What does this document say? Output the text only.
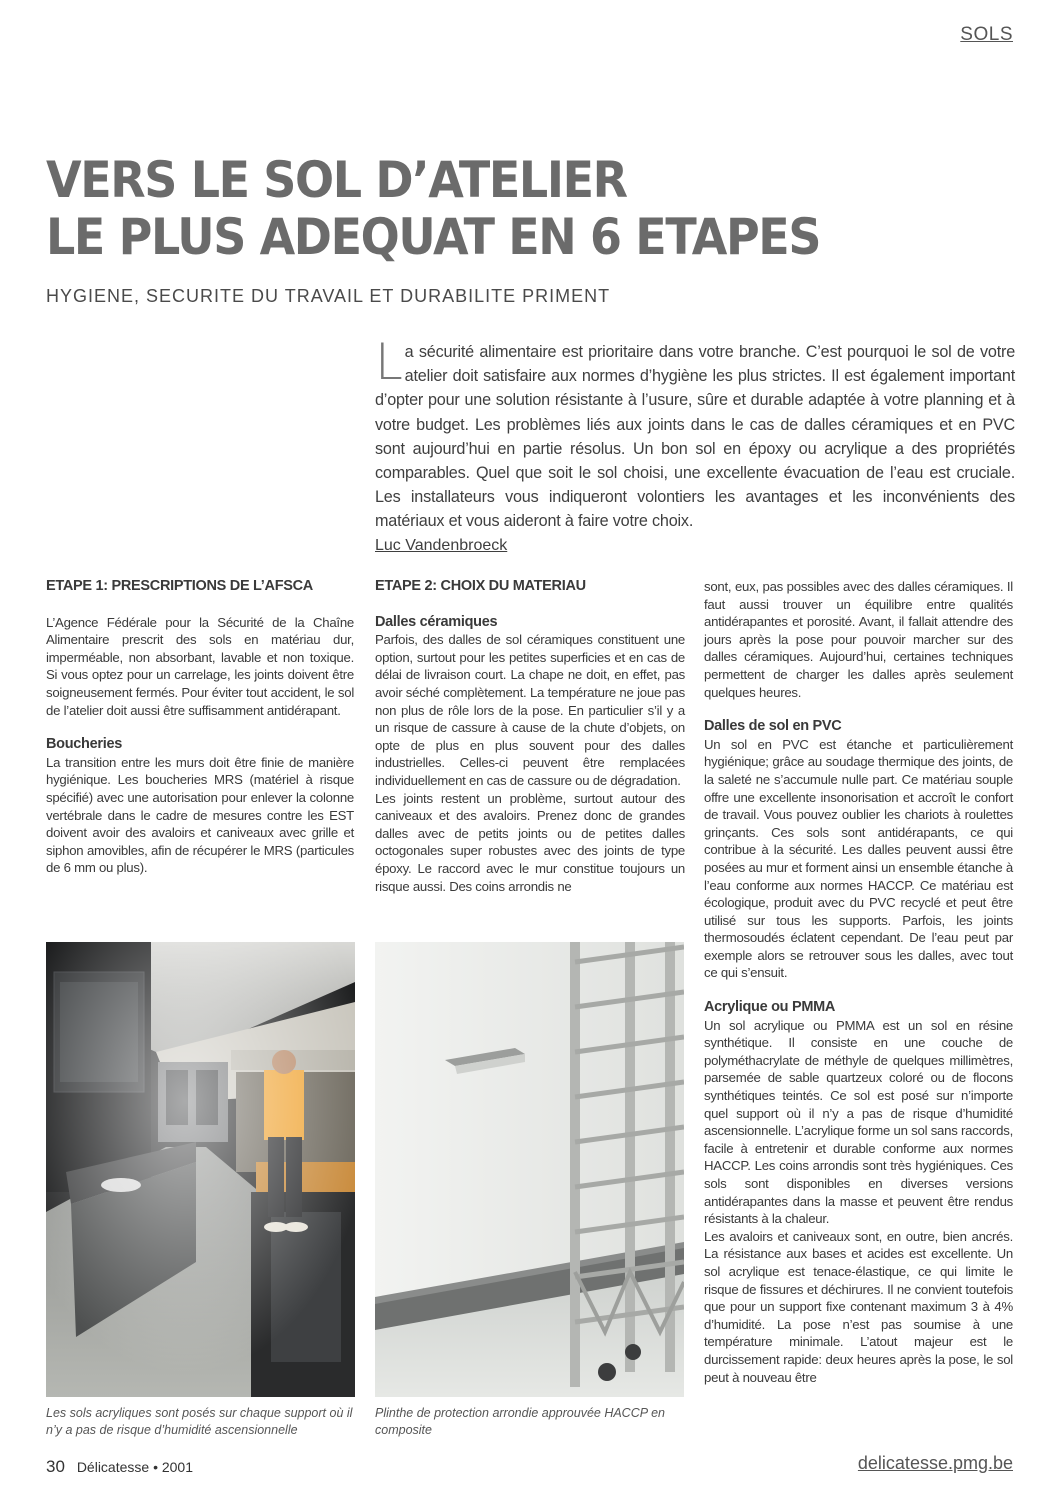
SOLS
VERS LE SOL D’ATELIER
LE PLUS ADEQUAT EN 6 ETAPES
HYGIENE, SECURITE DU TRAVAIL ET DURABILITE PRIMENT
La sécurité alimentaire est prioritaire dans votre branche. C’est pourquoi le sol de votre atelier doit satisfaire aux normes d’hygiène les plus strictes. Il est également important d’opter pour une solution résistante à l’usure, sûre et durable adaptée à votre planning et à votre budget. Les problèmes liés aux joints dans le cas de dalles céramiques et en PVC sont aujourd’hui en partie résolus. Un bon sol en époxy ou acrylique a des propriétés comparables. Quel que soit le sol choisi, une excellente évacuation de l’eau est cruciale. Les installateurs vous indiqueront volontiers les avantages et les inconvénients des matériaux et vous aideront à faire votre choix.
Luc Vandenbroeck
ETAPE 1: PRESCRIPTIONS DE L’AFSCA

L’Agence Fédérale pour la Sécurité de la Chaîne Alimentaire prescrit des sols en matériau dur, imperméable, non absorbant, lavable et non toxique. Si vous optez pour un carrelage, les joints doivent être soigneusement fermés. Pour éviter tout accident, le sol de l’atelier doit aussi être suffisamment antidérapant.

Boucheries

La transition entre les murs doit être finie de manière hygiénique. Les boucheries MRS (matériel à risque spécifié) avec une autorisation pour enlever la colonne vertébrale dans le cadre de mesures contre les EST doivent avoir des avaloirs et caniveaux avec grille et siphon amovibles, afin de récupérer le MRS (particules de 6 mm ou plus).

ETAPE 2: CHOIX DU MATERIAU
Dalles céramiques

Parfois, des dalles de sol céramiques constituent une option, surtout pour les petites superficies et en cas de délai de livraison court. La chape ne doit, en effet, pas avoir séché complètement. La température ne joue pas non plus de rôle lors de la pose. En particulier s’il y a un risque de cassure à cause de la chute d’objets, on opte de plus en plus souvent pour des dalles industrielles. Celles-ci peuvent être remplacées individuellement en cas de cassure ou de dégradation.

Les joints restent un problème, surtout autour des caniveaux et des avaloirs. Prenez donc de grandes dalles avec de petits joints ou de petites dalles octogonales super robustes avec des joints de type époxy. Le raccord avec le mur constitue toujours un risque aussi. Des coins arrondis ne

sont, eux, pas possibles avec des dalles céramiques. Il faut aussi trouver un équilibre entre qualités antidérapantes et porosité. Avant, il fallait attendre des jours après la pose pour pouvoir marcher sur des dalles céramiques. Aujourd’hui, certaines techniques permettent de charger les dalles après seulement quelques heures.

Dalles de sol en PVC

Un sol en PVC est étanche et particulièrement hygiénique; grâce au soudage thermique des joints, de la saleté ne s’accumule nulle part. Ce matériau souple offre une excellente insonorisation et accroît le confort de travail. Vous pouvez oublier les chariots à roulettes grinçants. Ces sols sont antidérapants, ce qui contribue à la sécurité. Les dalles peuvent aussi être posées au mur et forment ainsi un ensemble étanche à l’eau conforme aux normes HACCP. Ce matériau est écologique, produit avec du PVC recyclé et peut être utilisé sur tous les supports. Parfois, les joints thermosoudés éclatent cependant. De l’eau peut par exemple alors se retrouver sous les dalles, avec tout ce qui s’ensuit.

Acrylique ou PMMA

Un sol acrylique ou PMMA est un sol en résine synthétique. Il consiste en une couche de polyméthacrylate de méthyle de quelques millimètres, parsemée de sable quartzeux coloré ou de flocons synthétiques teintés. Ce sol est posé sur n’importe quel support où il n’y a pas de risque d’humidité ascensionnelle. L’acrylique forme un sol sans raccords, facile à entretenir et durable conforme aux normes HACCP. Les coins arrondis sont très hygiéniques. Ces sols sont disponibles en diverses versions antidérapantes dans la masse et peuvent être rendus résistants à la chaleur.

Les avaloirs et caniveaux sont, en outre, bien ancrés. La résistance aux bases et acides est excellente. Un sol acrylique est tenace-élastique, ce qui limite le risque de fissures et déchirures. Il ne convient toutefois que pour un support fixe contenant maximum 3 à 4% d’humidité. La pose n’est pas soumise à une température minimale. L’atout majeur est le durcissement rapide: deux heures après la pose, le sol peut à nouveau être

Les sols acryliques sont posés sur chaque support où il n’y a pas de risque d’humidité ascensionnelle
Plinthe de protection arrondie approuvée HACCP en composite
30 Délicatesse • 2001	delicatesse.pmg.be
